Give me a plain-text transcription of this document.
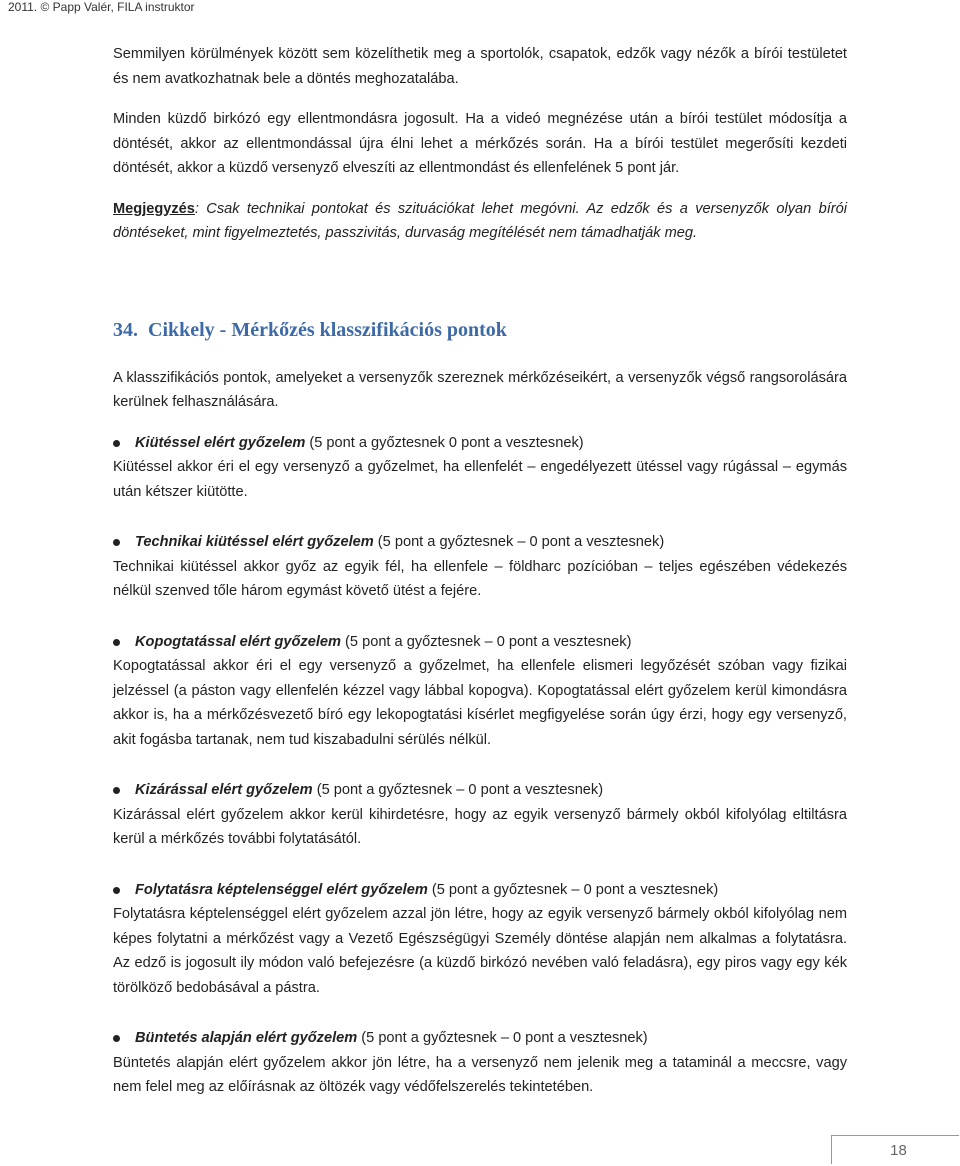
2011. © Papp Valér, FILA instruktor

Semmilyen körülmények között sem közelíthetik meg a sportolók, csapatok, edzők vagy nézők a bírói testületet és nem avatkozhatnak bele a döntés meghozatalába.

Minden küzdő birkózó egy ellentmondásra jogosult. Ha a videó megnézése után a bírói testület módosítja a döntését, akkor az ellentmondással újra élni lehet a mérkőzés során. Ha a bírói testület megerősíti kezdeti döntését, akkor a küzdő versenyző elveszíti az ellentmondást és ellenfelének 5 pont jár.

Megjegyzés: Csak technikai pontokat és szituációkat lehet megóvni. Az edzők és a versenyzők olyan bírói döntéseket, mint figyelmeztetés, passzivitás, durvaság megítélését nem támadhatják meg.

34. Cikkely - Mérkőzés klasszifikációs pontok

A klasszifikációs pontok, amelyeket a versenyzők szereznek mérkőzéseikért, a versenyzők végső rangsorolására kerülnek felhasználására.

Kiütéssel elért győzelem (5 pont a győztesnek 0 pont a vesztesnek)

Kiütéssel akkor éri el egy versenyző a győzelmet, ha ellenfelét – engedélyezett ütéssel vagy rúgással – egymás után kétszer kiütötte.

Technikai kiütéssel elért győzelem (5 pont a győztesnek – 0 pont a vesztesnek)

Technikai kiütéssel akkor győz az egyik fél, ha ellenfele – földharc pozícióban – teljes egészében védekezés nélkül szenved tőle három egymást követő ütést a fejére.

Kopogtatással elért győzelem (5 pont a győztesnek – 0 pont a vesztesnek)

Kopogtatással akkor éri el egy versenyző a győzelmet, ha ellenfele elismeri legyőzését szóban vagy fizikai jelzéssel (a páston vagy ellenfelén kézzel vagy lábbal kopogva). Kopogtatással elért győzelem kerül kimondásra akkor is, ha a mérkőzésvezető bíró egy lekopogtatási kísérlet megfigyelése során úgy érzi, hogy egy versenyző, akit fogásba tartanak, nem tud kiszabadulni sérülés nélkül.

Kizárással elért győzelem (5 pont a győztesnek – 0 pont a vesztesnek)

Kizárással elért győzelem akkor kerül kihirdetésre, hogy az egyik versenyző bármely okból kifolyólag eltiltásra kerül a mérkőzés további folytatásától.

Folytatásra képtelenséggel elért győzelem (5 pont a győztesnek – 0 pont a vesztesnek)

Folytatásra képtelenséggel elért győzelem azzal jön létre, hogy az egyik versenyző bármely okból kifolyólag nem képes folytatni a mérkőzést vagy a Vezető Egészségügyi Személy döntése alapján nem alkalmas a folytatásra. Az edző is jogosult ily módon való befejezésre (a küzdő birkózó nevében való feladásra), egy piros vagy egy kék törölköző bedobásával a pástra.

Büntetés alapján elért győzelem (5 pont a győztesnek – 0 pont a vesztesnek)

Büntetés alapján elért győzelem akkor jön létre, ha a versenyző nem jelenik meg a tataminál a meccsre, vagy nem felel meg az előírásnak az öltözék vagy védőfelszerelés tekintetében.

18
